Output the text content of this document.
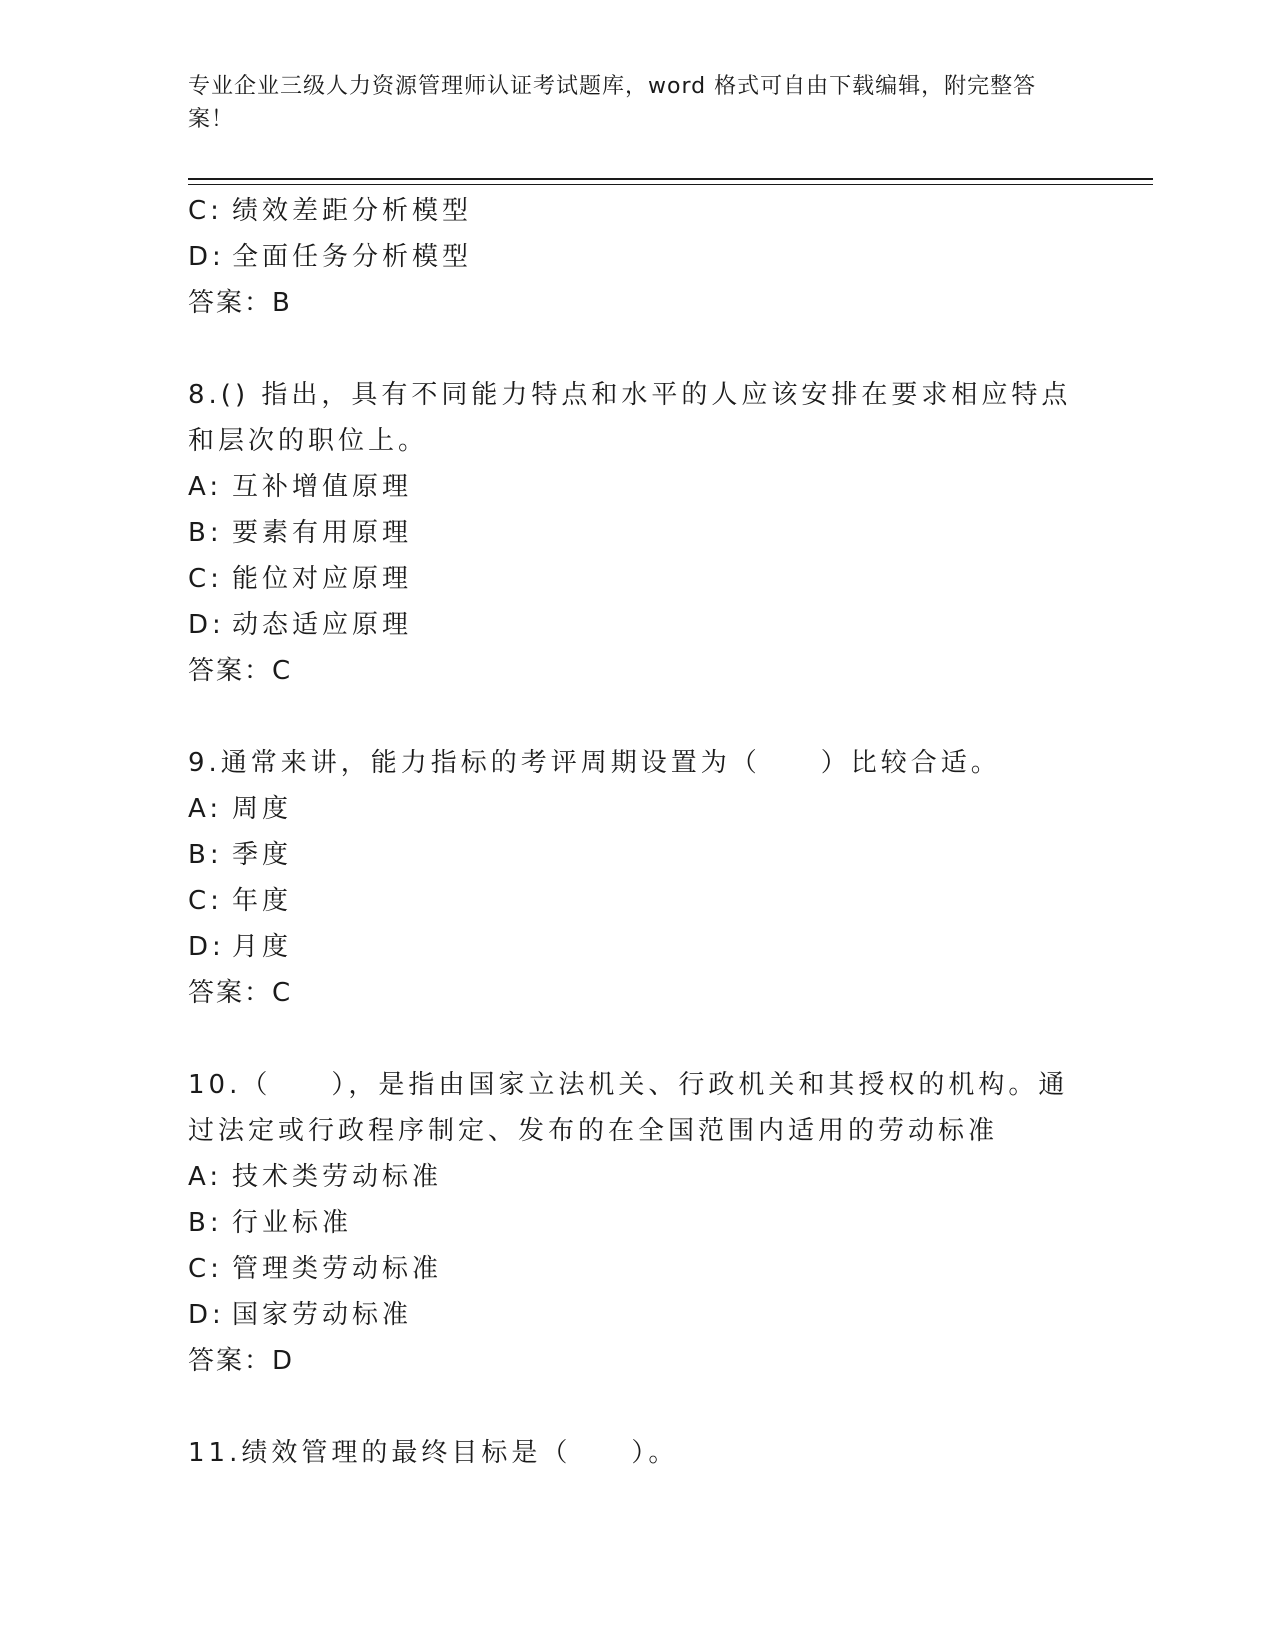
专业企业三级人力资源管理师认证考试题库，word 格式可自由下载编辑，附完整答案！
C: 绩效差距分析模型
D: 全面任务分析模型
答案：B
8.() 指出，具有不同能力特点和水平的人应该安排在要求相应特点和层次的职位上。
A: 互补增值原理
B: 要素有用原理
C: 能位对应原理
D: 动态适应原理
答案：C
9.通常来讲，能力指标的考评周期设置为（　　）比较合适。
A: 周度
B: 季度
C: 年度
D: 月度
答案：C
10.（　　），是指由国家立法机关、行政机关和其授权的机构。通过法定或行政程序制定、发布的在全国范围内适用的劳动标准
A: 技术类劳动标准
B: 行业标准
C: 管理类劳动标准
D: 国家劳动标准
答案：D
11.绩效管理的最终目标是（　　）。
